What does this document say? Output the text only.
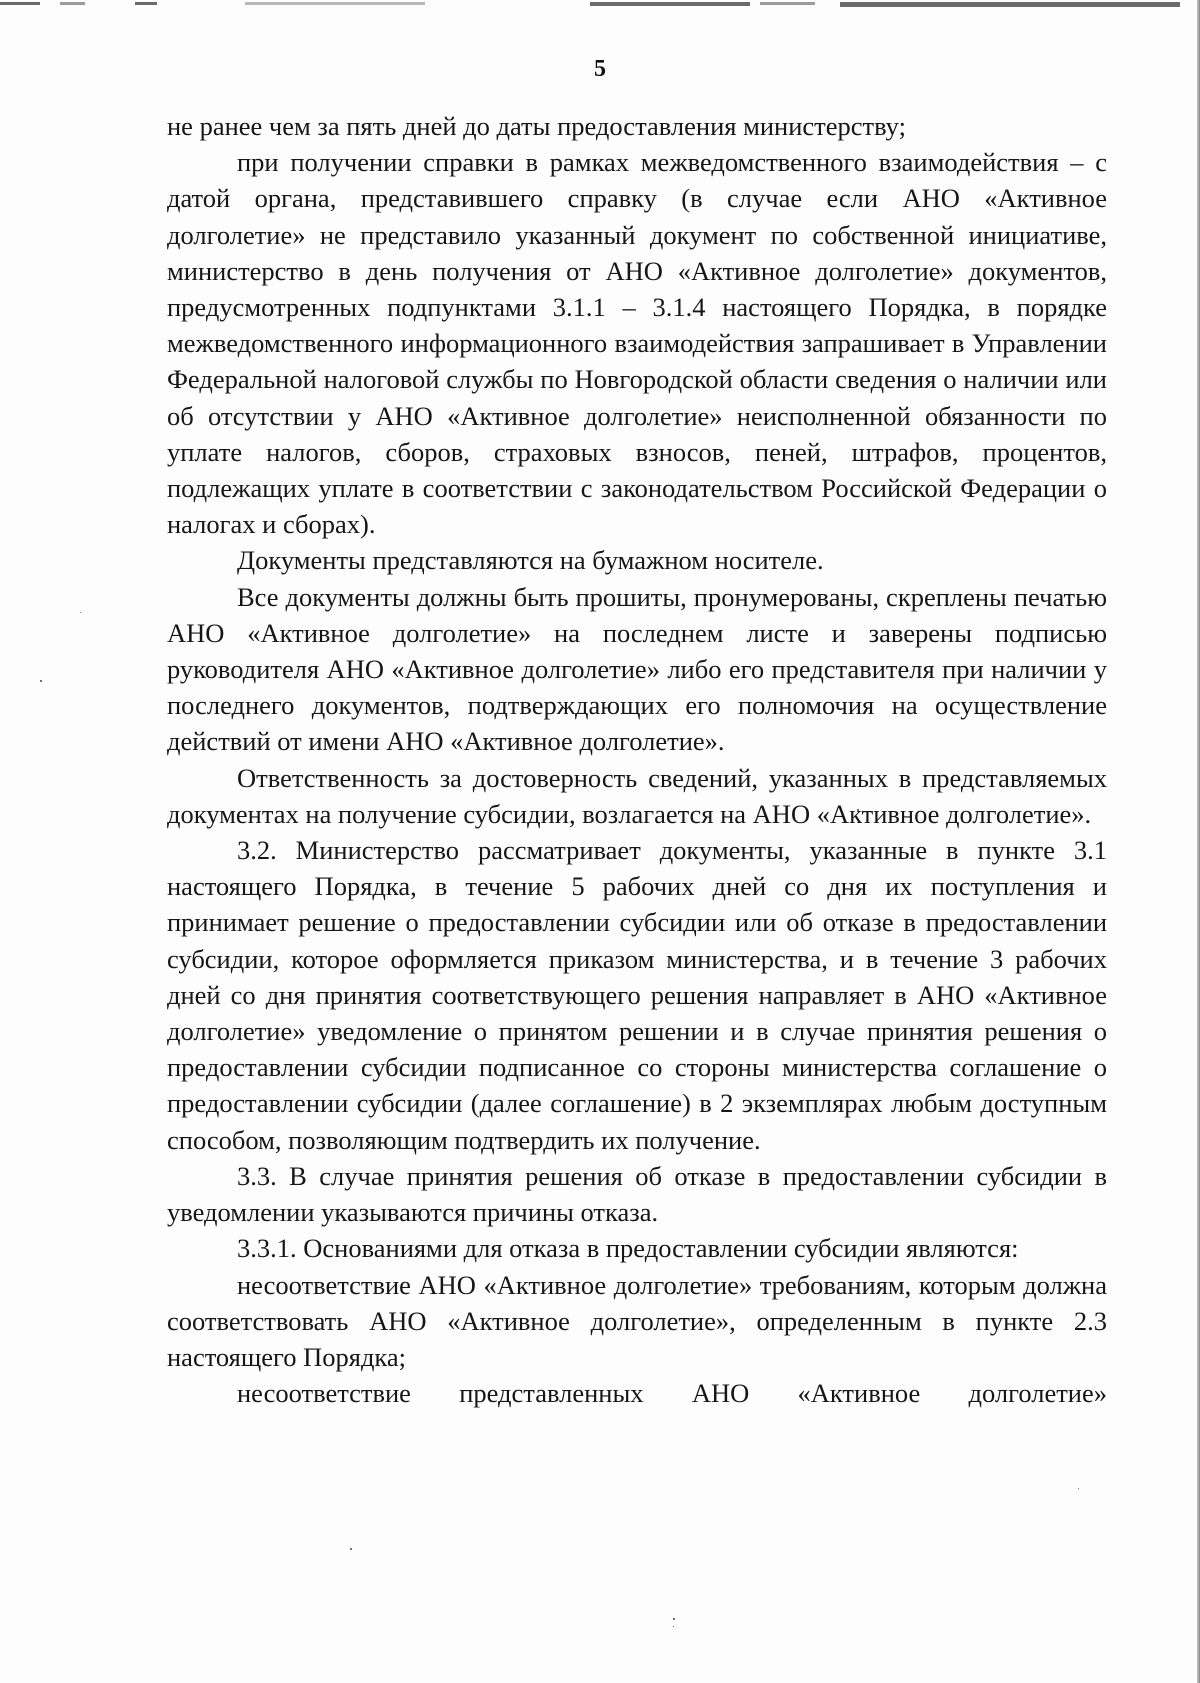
5

не ранее чем за пять дней до даты предоставления министерству;

при получении справки в рамках межведомственного взаимодействия – с датой органа, представившего справку (в случае если АНО «Активное долголетие» не представило указанный документ по собственной инициативе, министерство в день получения от АНО «Активное долголетие» документов, предусмотренных подпунктами 3.1.1 – 3.1.4 настоящего Порядка, в порядке межведомственного информационного взаимодействия запрашивает в Управлении Федеральной налоговой службы по Новгородской области сведения о наличии или об отсутствии у АНО «Активное долголетие» неисполненной обязанности по уплате налогов, сборов, страховых взносов, пеней, штрафов, процентов, подлежащих уплате в соответствии с законодательством Российской Федерации о налогах и сборах).

Документы представляются на бумажном носителе.

Все документы должны быть прошиты, пронумерованы, скреплены печатью АНО «Активное долголетие» на последнем листе и заверены подписью руководителя АНО «Активное долголетие» либо его представителя при наличии у последнего документов, подтверждающих его полномочия на осуществление действий от имени АНО «Активное долголетие».

Ответственность за достоверность сведений, указанных в представляемых документах на получение субсидии, возлагается на АНО «Активное долголетие».

3.2. Министерство рассматривает документы, указанные в пункте 3.1 настоящего Порядка, в течение 5 рабочих дней со дня их поступления и принимает решение о предоставлении субсидии или об отказе в предоставлении субсидии, которое оформляется приказом министерства, и в течение 3 рабочих дней со дня принятия соответствующего решения направляет в АНО «Активное долголетие» уведомление о принятом решении и в случае принятия решения о предоставлении субсидии подписанное со стороны министерства соглашение о предоставлении субсидии (далее соглашение) в 2 экземплярах любым доступным способом, позволяющим подтвердить их получение.

3.3. В случае принятия решения об отказе в предоставлении субсидии в уведомлении указываются причины отказа.

3.3.1. Основаниями для отказа в предоставлении субсидии являются:

несоответствие АНО «Активное долголетие» требованиям, которым должна соответствовать АНО «Активное долголетие», определенным в пункте 2.3 настоящего Порядка;

несоответствие представленных АНО «Активное долголетие»
